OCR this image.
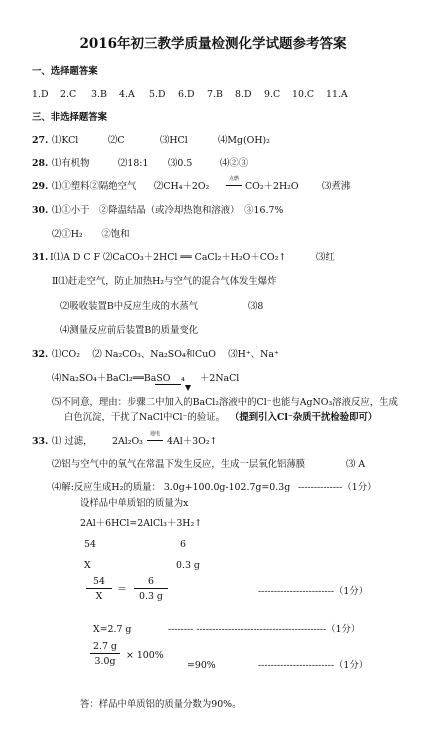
2016年初三教学质量检测化学试题参考答案
一、选择题答案
1.D 2.C 3.B 4.A 5.D 6.D 7.B 8.D 9.C 10.C 11.A
三、非选择题答案
27. ⑴KCl	⑵C	⑶HCl	⑷Mg(OH)₂
28. ⑴有机物	⑵18:1 ⑶0.5	⑷②③
29. ⑴①塑料②隔绝空气 ⑵CH₄＋2O₂
点燃
CO₂＋2H₂O ⑶煮沸
30. ⑴①小于　②降温结晶（或冷却热饱和溶液）　③16.7%
⑵①H₂　　②饱和
31. Ⅰ⑴A D C F ⑵CaCO₃＋2HCl ══ CaCl₂＋H₂O＋CO₂↑	⑶红
Ⅱ⑴赶走空气，防止加热H₂与空气的混合气体发生爆炸
⑵吸收装置B中反应生成的水蒸气	⑶8
⑷测量反应前后装置B的质量变化
32. ⑴CO₂　 ⑵ Na₂CO₃、Na₂SO₄和CuO　 ⑶H⁺、Na⁺
⑷Na₂SO₄＋BaCl₂══BaSO ₄ ＋2NaCl
⑸不同意，理由：步骤二中加入的BaCl₂溶液中的Cl⁻也能与AgNO₃溶液反应，生成
白色沉淀，干扰了NaCl中Cl⁻的验证。 （提到引入Cl⁻杂质干扰检验即可）
33. ⑴ 过滤， 2Al₂O₃
通电
4Al＋3O₂↑
⑵铝与空气中的氧气在常温下发生反应，生成一层氧化铝薄膜	⑶ A
⑷解:反应生成H₂的质量： 3.0g+100.0g-102.7g=0.3g --------------（1分）
设样品中单质铝的质量为x
2Al＋6HCl=2AlCl₃＋3H₂↑
54	6
X	0.3 g
$\frac{54}{X} = \frac{6}{0.3 g}$	------------------------（1分）
X=2.7 g	-------- -----------------------------------------（1分）
$\frac{2.7 g}{3.0g} \times 100\%$
=90%	------------------------（1分）
答：样品中单质铝的质量分数为90%。
